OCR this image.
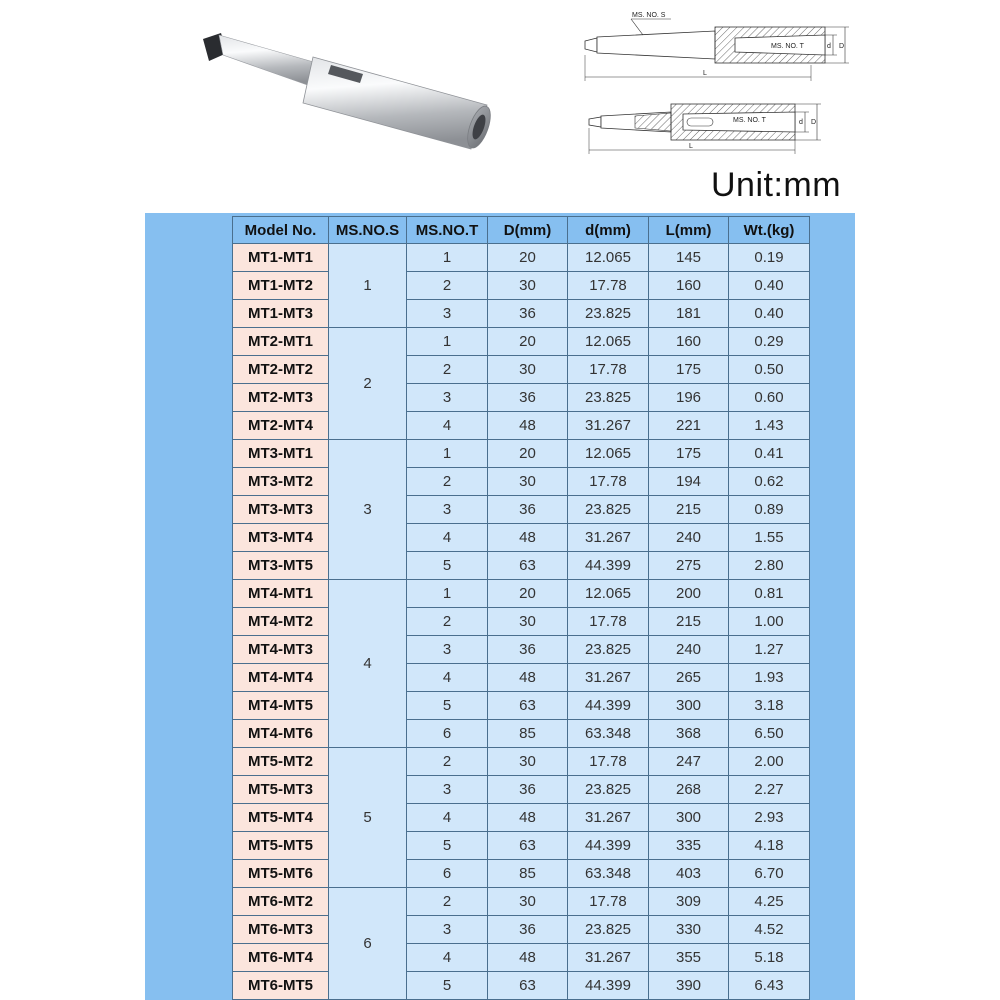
MS. NO. S
MS. NO. T
L
d D
MS. NO. T
L
d D
Unit:mm
Model No.	MS.NO.S	MS.NO.T	D(mm)	d(mm)	L(mm)	Wt.(kg)
MT1-MT1	1	1	20	12.065	145	0.19
MT1-MT2		2	30	17.78	160	0.40
MT1-MT3		3	36	23.825	181	0.40
MT2-MT1	2	1	20	12.065	160	0.29
MT2-MT2		2	30	17.78	175	0.50
MT2-MT3		3	36	23.825	196	0.60
MT2-MT4		4	48	31.267	221	1.43
MT3-MT1	3	1	20	12.065	175	0.41
MT3-MT2		2	30	17.78	194	0.62
MT3-MT3		3	36	23.825	215	0.89
MT3-MT4		4	48	31.267	240	1.55
MT3-MT5		5	63	44.399	275	2.80
MT4-MT1	4	1	20	12.065	200	0.81
MT4-MT2		2	30	17.78	215	1.00
MT4-MT3		3	36	23.825	240	1.27
MT4-MT4		4	48	31.267	265	1.93
MT4-MT5		5	63	44.399	300	3.18
MT4-MT6		6	85	63.348	368	6.50
MT5-MT2	5	2	30	17.78	247	2.00
MT5-MT3		3	36	23.825	268	2.27
MT5-MT4		4	48	31.267	300	2.93
MT5-MT5		5	63	44.399	335	4.18
MT5-MT6		6	85	63.348	403	6.70
MT6-MT2	6	2	30	17.78	309	4.25
MT6-MT3		3	36	23.825	330	4.52
MT6-MT4		4	48	31.267	355	5.18
MT6-MT5		5	63	44.399	390	6.43
